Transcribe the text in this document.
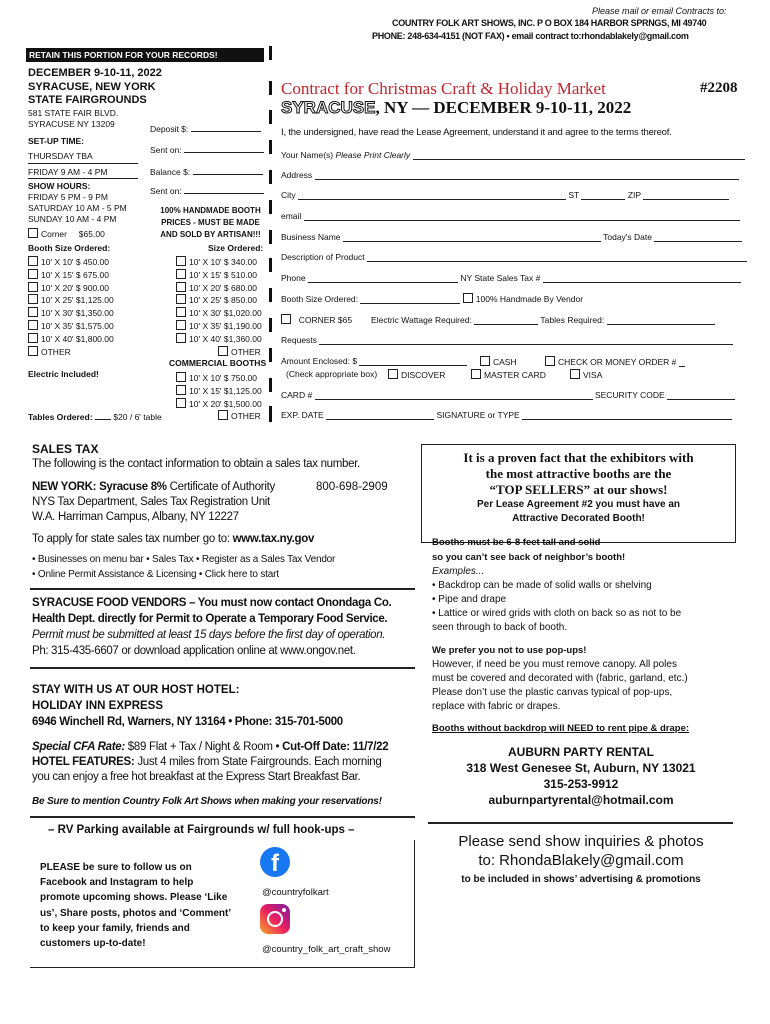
Please mail or email Contracts to:
COUNTRY FOLK ART SHOWS, INC. P O BOX 184 HARBOR SPRNGS, MI 49740
PHONE: 248-634-4151 (NOT FAX) • email contract to:rhondablakely@gmail.com
RETAIN THIS PORTION FOR YOUR RECORDS!
DECEMBER 9-10-11, 2022
SYRACUSE, NEW YORK
STATE FAIRGROUNDS
581 STATE FAIR BLVD.
SYRACUSE NY 13209
SET-UP TIME:
THURSDAY TBA
FRIDAY 9 AM - 4 PM
SHOW HOURS:
FRIDAY 5 PM - 9 PM
SATURDAY 10 AM - 5 PM
SUNDAY 10 AM - 4 PM
Corner $65.00
Booth Size Ordered:
10' X 10' $ 450.00
10' X 15' $ 675.00
10' X 20' $ 900.00
10' X 25' $1,125.00
10' X 30' $1,350.00
10' X 35' $1,575.00
10' X 40' $1,800.00
OTHER
Electric Included!
Tables Ordered: $20 / 6' table
Deposit $:
Sent on:
Balance $:
Sent on:
100% HANDMADE BOOTH
PRICES - MUST BE MADE
AND SOLD BY ARTISAN!!!
Size Ordered:
10' X 10' $ 340.00
10' X 15' $ 510.00
10' X 20' $ 680.00
10' X 25' $ 850.00
10' X 30' $1,020.00
10' X 35' $1,190.00
10' X 40' $1,360.00
OTHER
COMMERCIAL BOOTHS
10' X 10' $ 750.00
10' X 15' $1,125.00
10' X 20' $1,500.00
OTHER
Contract for Christmas Craft & Holiday Market	#2208
SYRACUSE, NY — DECEMBER 9-10-11, 2022
I, the undersigned, have read the Lease Agreement, understand it and agree to the terms thereof.
Your Name(s) Please Print Clearly
Address
City	ST	ZIP
email
Business Name	Today's Date
Description of Product
Phone	NY State Sales Tax #
Booth Size Ordered:	100% Handmade By Vendor
CORNER $65 Electric Wattage Required:	Tables Required:
Requests
Amount Enclosed: $
(Check appropriate box)
CASH	CHECK OR MONEY ORDER #
DISCOVER	MASTER CARD	VISA
CARD #	SECURITY CODE
EXP. DATE	SIGNATURE or TYPE
SALES TAX
The following is the contact information to obtain a sales tax number.
NEW YORK: Syracuse 8% Certificate of Authority	800-698-2909
NYS Tax Department, Sales Tax Registration Unit
W.A. Harriman Campus, Albany, NY 12227
To apply for state sales tax number go to: www.tax.ny.gov
• Businesses on menu bar • Sales Tax • Register as a Sales Tax Vendor
• Online Permit Assistance & Licensing • Click here to start
SYRACUSE FOOD VENDORS – You must now contact Onondaga Co.
Health Dept. directly for Permit to Operate a Temporary Food Service.
Permit must be submitted at least 15 days before the first day of operation.
Ph: 315-435-6607 or download application online at www.ongov.net.
STAY WITH US AT OUR HOST HOTEL:
HOLIDAY INN EXPRESS
6946 Winchell Rd, Warners, NY 13164 • Phone: 315-701-5000
Special CFA Rate: $89 Flat + Tax / Night & Room • Cut-Off Date: 11/7/22
HOTEL FEATURES: Just 4 miles from State Fairgrounds. Each morning
you can enjoy a free hot breakfast at the Express Start Breakfast Bar.
Be Sure to mention Country Folk Art Shows when making your reservations!
– RV Parking available at Fairgrounds w/ full hook-ups –
PLEASE be sure to follow us on
Facebook and Instagram to help
promote upcoming shows. Please ‘Like
us’, Share posts, photos and ‘Comment’
to keep your family, friends and
customers up-to-date!
f
@countryfolkart
@country_folk_art_craft_show
It is a proven fact that the exhibitors with
the most attractive booths are the
“TOP SELLERS” at our shows!
Per Lease Agreement #2 you must have an
Attractive Decorated Booth!
Booths must be 6-8 feet tall and solid
so you can’t see back of neighbor’s booth!
Examples...
• Backdrop can be made of solid walls or shelving
• Pipe and drape
• Lattice or wired grids with cloth on back so as not to be
seen through to back of booth.
We prefer you not to use pop-ups!
However, if need be you must remove canopy. All poles
must be covered and decorated with (fabric, garland, etc.)
Please don’t use the plastic canvas typical of pop-ups,
replace with fabric or drapes.
Booths without backdrop will NEED to rent pipe & drape:
AUBURN PARTY RENTAL
318 West Genesee St, Auburn, NY 13021
315-253-9912
auburnpartyrental@hotmail.com
Please send show inquiries & photos
to: RhondaBlakely@gmail.com
to be included in shows’ advertising & promotions
